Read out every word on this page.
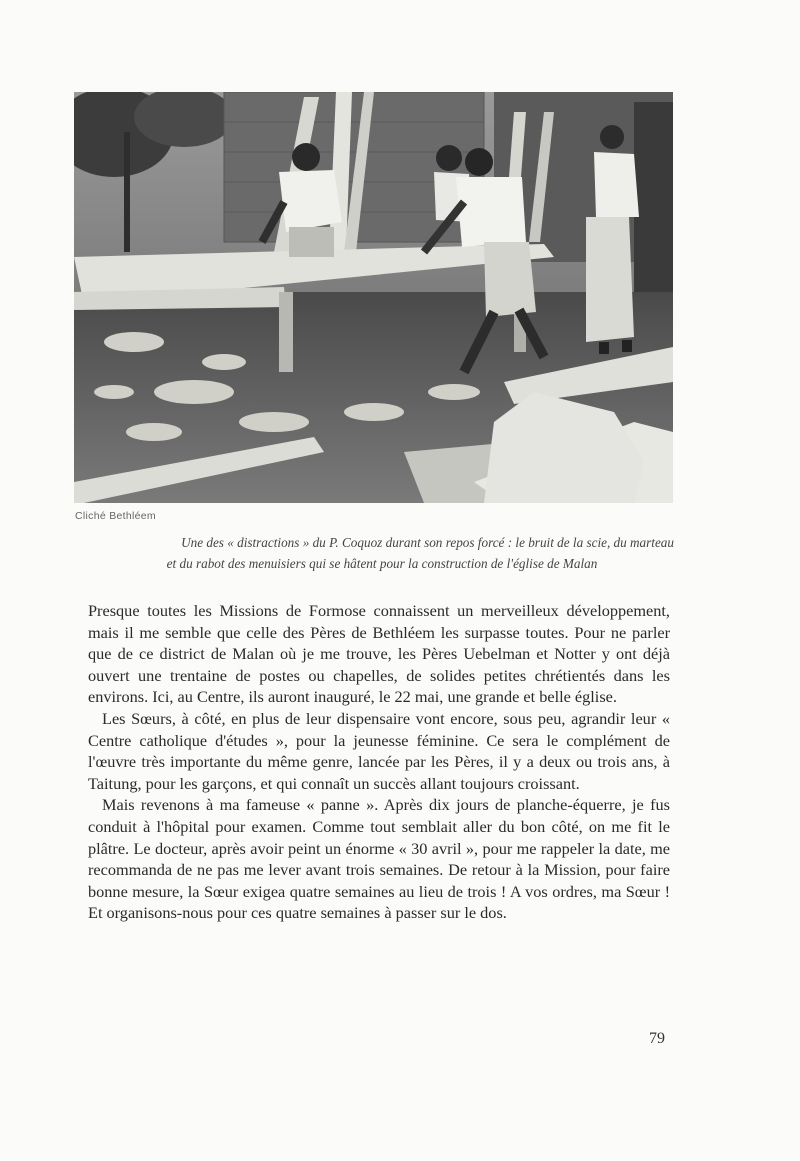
Cliché Bethléem
Une des « distractions » du P. Coquoz durant son repos forcé : le bruit de la scie, du marteau
et du rabot des menuisiers qui se hâtent pour la construction de l'église de Malan

Presque toutes les Missions de Formose connaissent un merveilleux développement, mais il me semble que celle des Pères de Bethléem les surpasse toutes. Pour ne parler que de ce district de Malan où je me trouve, les Pères Uebelman et Notter y ont déjà ouvert une trentaine de postes ou chapelles, de solides petites chrétientés dans les environs. Ici, au Centre, ils auront inauguré, le 22 mai, une grande et belle église.

Les Sœurs, à côté, en plus de leur dispensaire vont encore, sous peu, agrandir leur « Centre catholique d'études », pour la jeunesse féminine. Ce sera le complément de l'œuvre très importante du même genre, lancée par les Pères, il y a deux ou trois ans, à Taitung, pour les garçons, et qui connaît un succès allant toujours croissant.

Mais revenons à ma fameuse « panne ». Après dix jours de planche-équerre, je fus conduit à l'hôpital pour examen. Comme tout semblait aller du bon côté, on me fit le plâtre. Le docteur, après avoir peint un énorme « 30 avril », pour me rappeler la date, me recommanda de ne pas me lever avant trois semaines. De retour à la Mission, pour faire bonne mesure, la Sœur exigea quatre semaines au lieu de trois ! A vos ordres, ma Sœur ! Et organisons-nous pour ces quatre semaines à passer sur le dos.

79
